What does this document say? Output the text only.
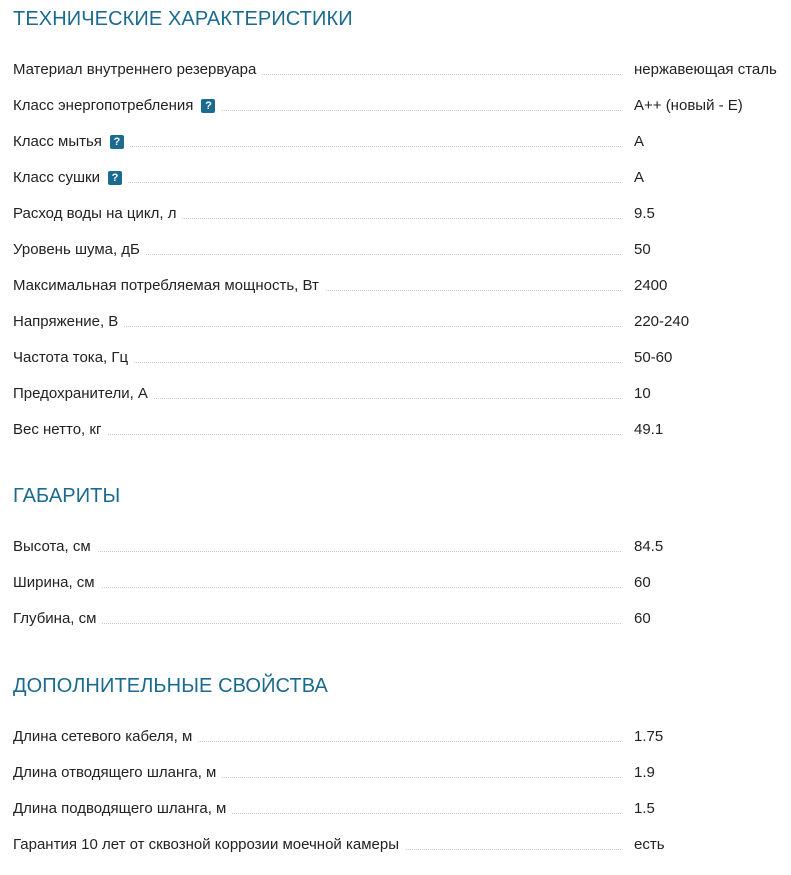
ТЕХНИЧЕСКИЕ ХАРАКТЕРИСТИКИ
Материал внутреннего резервуара	нержавеющая сталь
Класс энергопотребления ?	A++ (новый - E)
Класс мытья ?	A
Класс сушки ?	A
Расход воды на цикл, л	9.5
Уровень шума, дБ	50
Максимальная потребляемая мощность, Вт	2400
Напряжение, В	220-240
Частота тока, Гц	50-60
Предохранители, А	10
Вес нетто, кг	49.1
ГАБАРИТЫ
Высота, см	84.5
Ширина, см	60
Глубина, см	60
ДОПОЛНИТЕЛЬНЫЕ СВОЙСТВА
Длина сетевого кабеля, м	1.75
Длина отводящего шланга, м	1.9
Длина подводящего шланга, м	1.5
Гарантия 10 лет от сквозной коррозии моечной камеры	есть
